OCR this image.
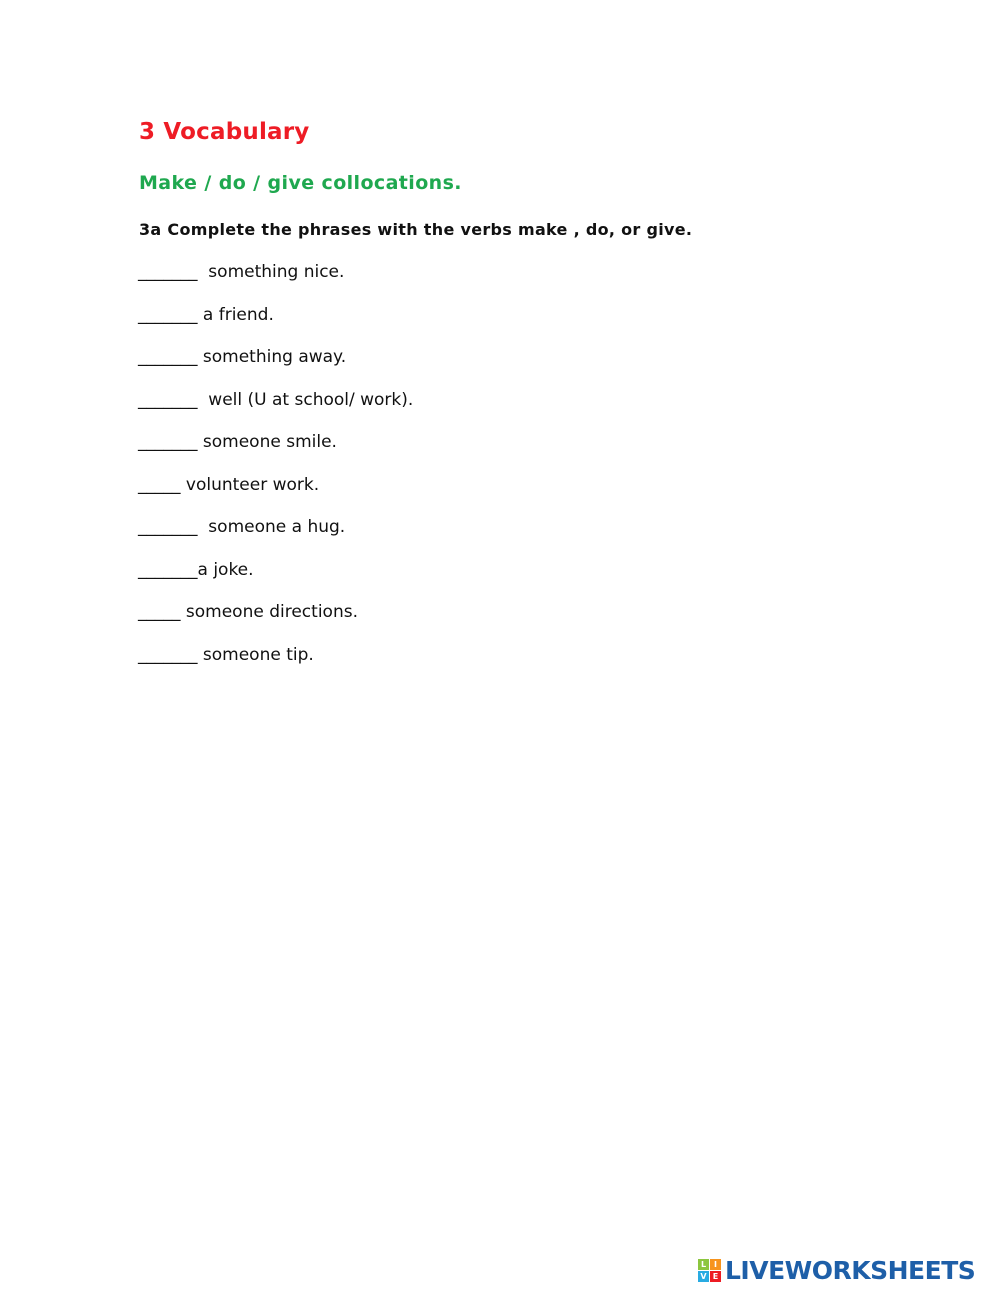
3 Vocabulary
Make / do / give collocations.

3a Complete the phrases with the verbs make , do, or give.

_______  something nice.

_______ a friend.

_______ something away.

_______  well (U at school/ work).

_______ someone smile.

_____ volunteer work.

_______  someone a hug.

_______a joke.

_____ someone directions.

_______ someone tip.

L I
V E LIVEWORKSHEETS
